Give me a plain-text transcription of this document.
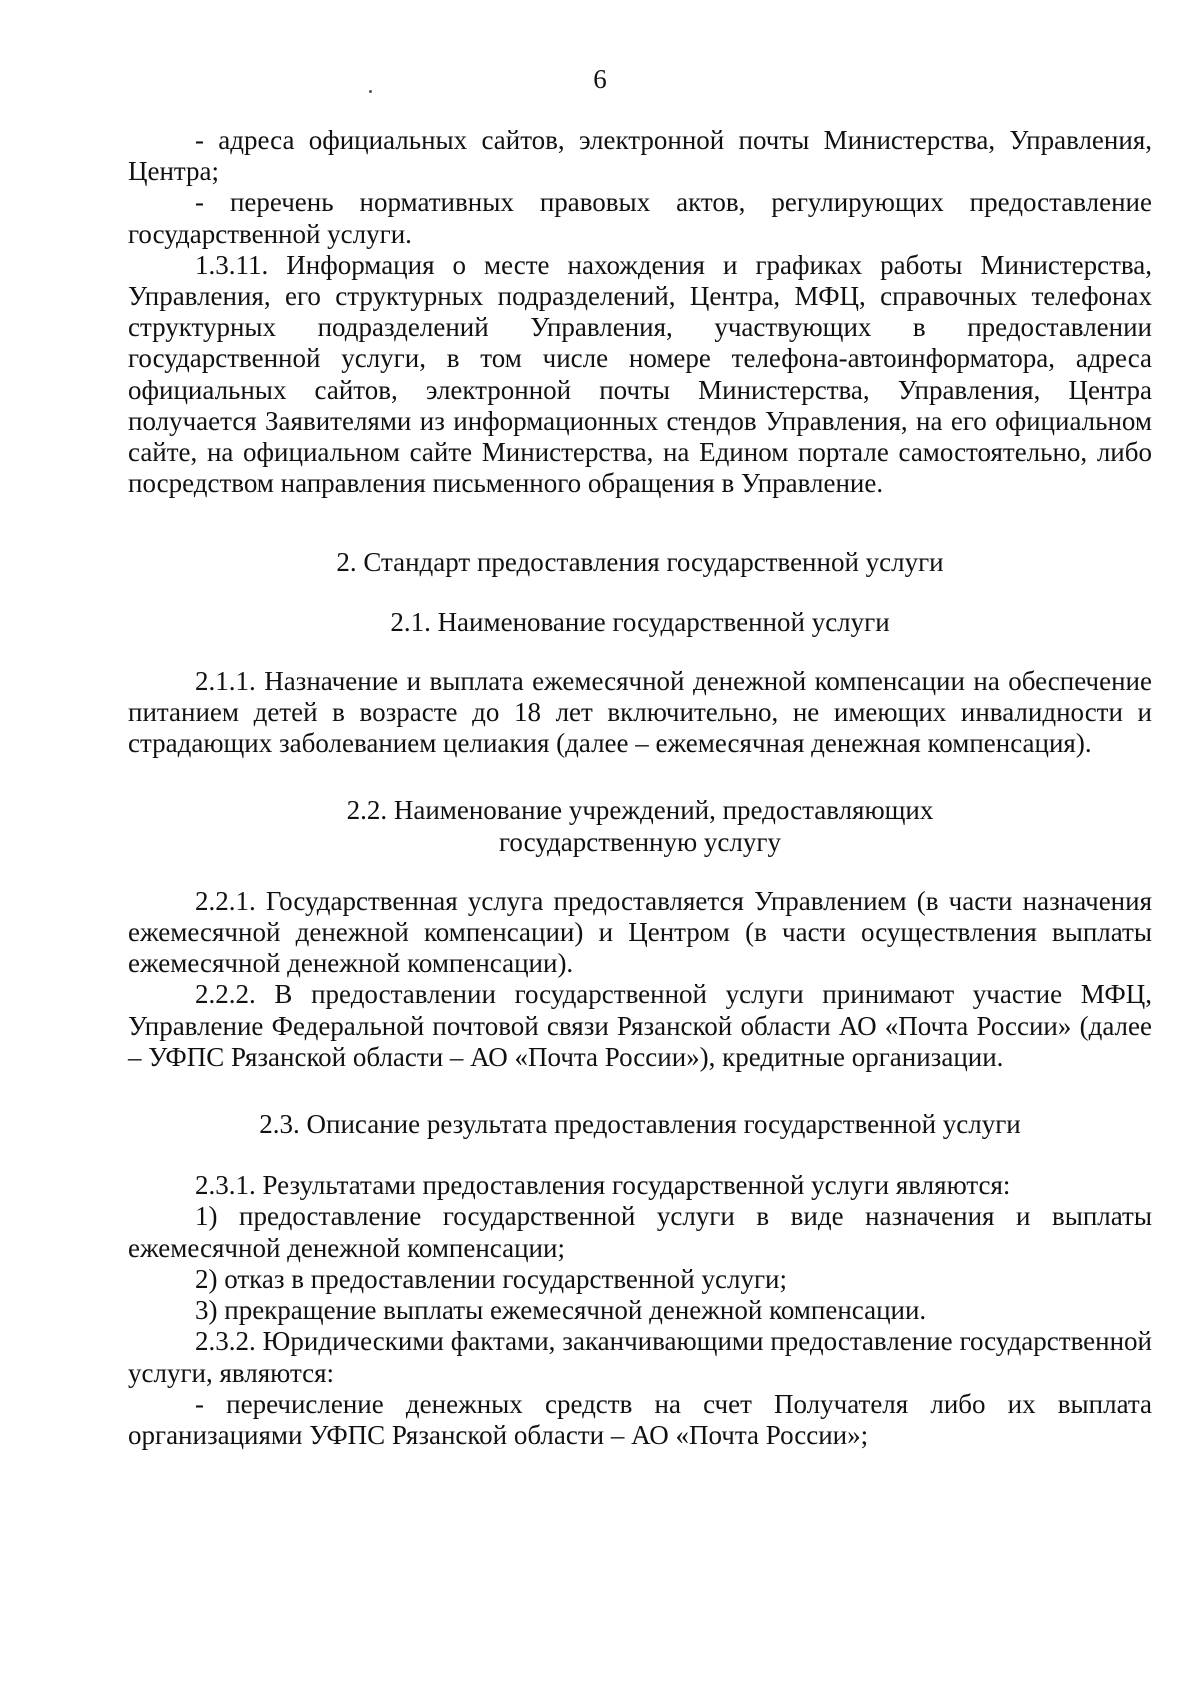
6

- адреса официальных сайтов, электронной почты Министерства, Управления, Центра;

- перечень нормативных правовых актов, регулирующих предоставление государственной услуги.

1.3.11. Информация о месте нахождения и графиках работы Министерства, Управления, его структурных подразделений, Центра, МФЦ, справочных телефонах структурных подразделений Управления, участвующих в предоставлении государственной услуги, в том числе номере телефона-автоинформатора, адреса официальных сайтов, электронной почты Министерства, Управления, Центра получается Заявителями из информационных стендов Управления, на его официальном сайте, на официальном сайте Министерства, на Едином портале самостоятельно, либо посредством направления письменного обращения в Управление.

2. Стандарт предоставления государственной услуги
2.1. Наименование государственной услуги

2.1.1. Назначение и выплата ежемесячной денежной компенсации на обеспечение питанием детей в возрасте до 18 лет включительно, не имеющих инвалидности и страдающих заболеванием целиакия (далее – ежемесячная денежная компенсация).

2.2. Наименование учреждений, предоставляющих
государственную услугу

2.2.1. Государственная услуга предоставляется Управлением (в части назначения ежемесячной денежной компенсации) и Центром (в части осуществления выплаты ежемесячной денежной компенсации).

2.2.2. В предоставлении государственной услуги принимают участие МФЦ, Управление Федеральной почтовой связи Рязанской области АО «Почта России» (далее – УФПС Рязанской области – АО «Почта России»), кредитные организации.

2.3. Описание результата предоставления государственной услуги

2.3.1. Результатами предоставления государственной услуги являются:

1) предоставление государственной услуги в виде назначения и выплаты ежемесячной денежной компенсации;

2) отказ в предоставлении государственной услуги;

3) прекращение выплаты ежемесячной денежной компенсации.

2.3.2. Юридическими фактами, заканчивающими предоставление государственной услуги, являются:

- перечисление денежных средств на счет Получателя либо их выплата организациями УФПС Рязанской области – АО «Почта России»;
